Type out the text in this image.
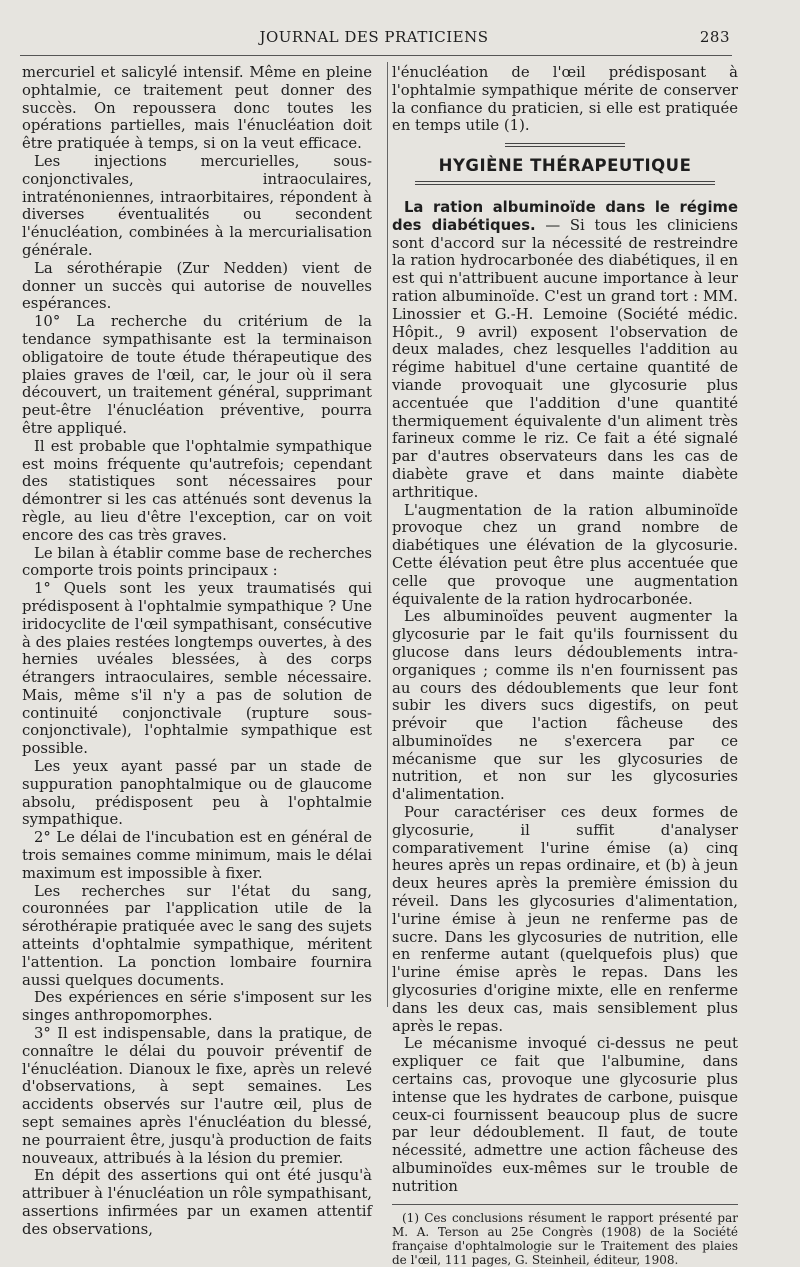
JOURNAL DES PRATICIENS	283

mercuriel et salicylé intensif. Même en pleine ophtalmie, ce traitement peut donner des succès. On repoussera donc toutes les opérations partielles, mais l'énucléation doit être pratiquée à temps, si on la veut efficace.

Les injections mercurielles, sous-conjonctivales, intraoculaires, intraténoniennes, intraorbitaires, répondent à diverses éventualités ou secondent l'énucléation, combinées à la mercurialisation générale.

La sérothérapie (Zur Nedden) vient de donner un succès qui autorise de nouvelles espérances.

10° La recherche du critérium de la tendance sympathisante est la terminaison obligatoire de toute étude thérapeutique des plaies graves de l'œil, car, le jour où il sera découvert, un traitement général, supprimant peut-être l'énucléation préventive, pourra être appliqué.

Il est probable que l'ophtalmie sympathique est moins fréquente qu'autrefois; cependant des statistiques sont nécessaires pour démontrer si les cas atténués sont devenus la règle, au lieu d'être l'exception, car on voit encore des cas très graves.

Le bilan à établir comme base de recherches comporte trois points principaux :

1° Quels sont les yeux traumatisés qui prédisposent à l'ophtalmie sympathique ? Une iridocyclite de l'œil sympathisant, consécutive à des plaies restées longtemps ouvertes, à des hernies uvéales blessées, à des corps étrangers intraoculaires, semble nécessaire. Mais, même s'il n'y a pas de solution de continuité conjonctivale (rupture sous-conjonctivale), l'ophtalmie sympathique est possible.

Les yeux ayant passé par un stade de suppuration panophtalmique ou de glaucome absolu, prédisposent peu à l'ophtalmie sympathique.

2° Le délai de l'incubation est en général de trois semaines comme minimum, mais le délai maximum est impossible à fixer.

Les recherches sur l'état du sang, couronnées par l'application utile de la sérothérapie pratiquée avec le sang des sujets atteints d'ophtalmie sympathique, méritent l'attention. La ponction lombaire fournira aussi quelques documents.

Des expériences en série s'imposent sur les singes anthropomorphes.

3° Il est indispensable, dans la pratique, de connaître le délai du pouvoir préventif de l'énucléation. Dianoux le fixe, après un relevé d'observations, à sept semaines. Les accidents observés sur l'autre œil, plus de sept semaines après l'énucléation du blessé, ne pourraient être, jusqu'à production de faits nouveaux, attribués à la lésion du premier.

En dépit des assertions qui ont été jusqu'à attribuer à l'énucléation un rôle sympathisant, assertions infirmées par un examen attentif des observations,

l'énucléation de l'œil prédisposant à l'ophtalmie sympathique mérite de conserver la confiance du praticien, si elle est pratiquée en temps utile (1).

HYGIÈNE THÉRAPEUTIQUE

La ration albuminoïde dans le régime des diabétiques. — Si tous les cliniciens sont d'accord sur la nécessité de restreindre la ration hydrocarbonée des diabétiques, il en est qui n'attribuent aucune importance à leur ration albuminoïde. C'est un grand tort : MM. Linossier et G.-H. Lemoine (Société médic. Hôpit., 9 avril) exposent l'observation de deux malades, chez lesquelles l'addition au régime habituel d'une certaine quantité de viande provoquait une glycosurie plus accentuée que l'addition d'une quantité thermiquement équivalente d'un aliment très farineux comme le riz. Ce fait a été signalé par d'autres observateurs dans les cas de diabète grave et dans mainte diabète arthritique.

L'augmentation de la ration albuminoïde provoque chez un grand nombre de diabétiques une élévation de la glycosurie. Cette élévation peut être plus accentuée que celle que provoque une augmentation équivalente de la ration hydrocarbonée.

Les albuminoïdes peuvent augmenter la glycosurie par le fait qu'ils fournissent du glucose dans leurs dédoublements intra-organiques ; comme ils n'en fournissent pas au cours des dédoublements que leur font subir les divers sucs digestifs, on peut prévoir que l'action fâcheuse des albuminoïdes ne s'exercera par ce mécanisme que sur les glycosuries de nutrition, et non sur les glycosuries d'alimentation.

Pour caractériser ces deux formes de glycosurie, il suffit d'analyser comparativement l'urine émise (a) cinq heures après un repas ordinaire, et (b) à jeun deux heures après la première émission du réveil. Dans les glycosuries d'alimentation, l'urine émise à jeun ne renferme pas de sucre. Dans les glycosuries de nutrition, elle en renferme autant (quelquefois plus) que l'urine émise après le repas. Dans les glycosuries d'origine mixte, elle en renferme dans les deux cas, mais sensiblement plus après le repas.

Le mécanisme invoqué ci-dessus ne peut expliquer ce fait que l'albumine, dans certains cas, provoque une glycosurie plus intense que les hydrates de carbone, puisque ceux-ci fournissent beaucoup plus de sucre par leur dédoublement. Il faut, de toute nécessité, admettre une action fâcheuse des albuminoïdes eux-mêmes sur le trouble de nutrition

(1) Ces conclusions résument le rapport présenté par M. A. Terson au 25e Congrès (1908) de la Société française d'ophtalmologie sur le Traitement des plaies de l'œil, 111 pages, G. Steinheil, éditeur, 1908.
